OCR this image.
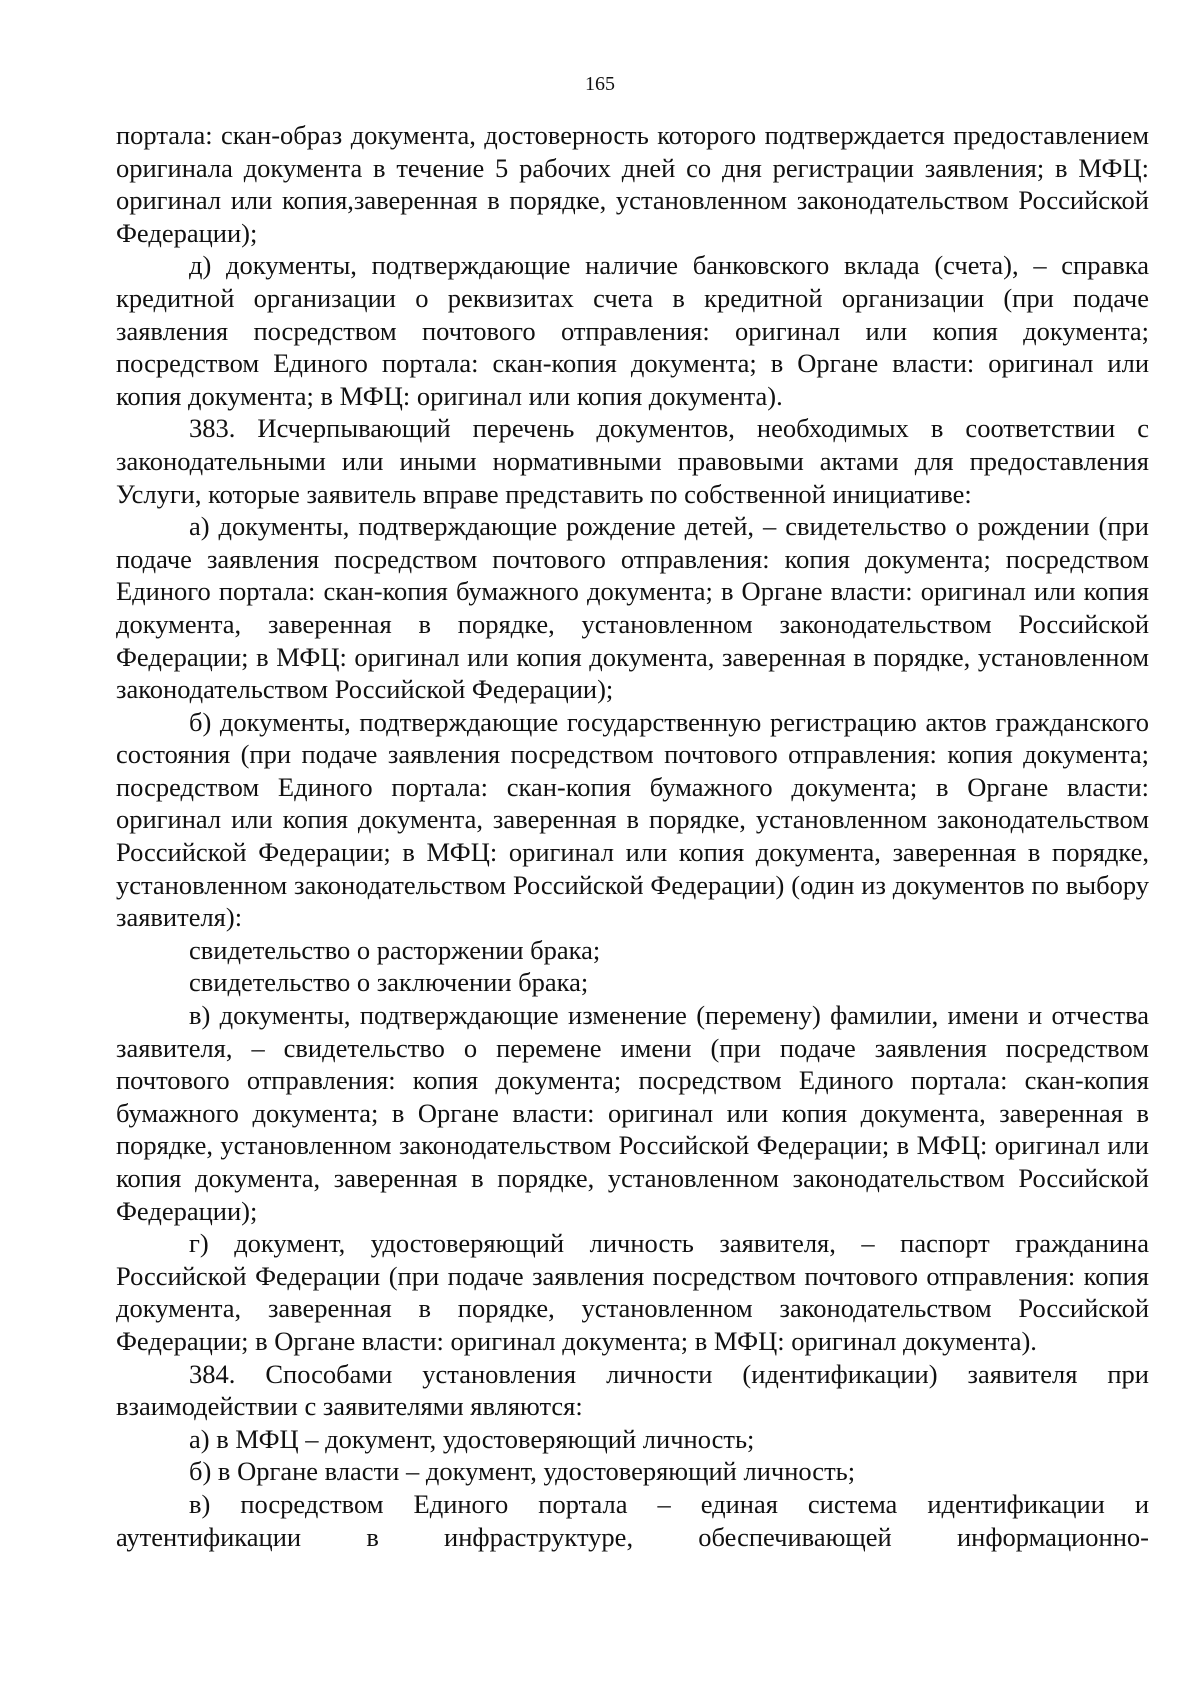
165

портала: скан-образ документа, достоверность которого подтверждается предоставлением оригинала документа в течение 5 рабочих дней со дня регистрации заявления; в МФЦ: оригинал или копия,заверенная в порядке, установленном законодательством Российской Федерации);

д) документы, подтверждающие наличие банковского вклада (счета), – справка кредитной организации о реквизитах счета в кредитной организации (при подаче заявления посредством почтового отправления: оригинал или копия документа; посредством Единого портала: скан-копия документа; в Органе власти: оригинал или копия документа; в МФЦ: оригинал или копия документа).

383. Исчерпывающий перечень документов, необходимых в соответствии с законодательными или иными нормативными правовыми актами для предоставления Услуги, которые заявитель вправе представить по собственной инициативе:

а) документы, подтверждающие рождение детей, – свидетельство о рождении (при подаче заявления посредством почтового отправления: копия документа; посредством Единого портала: скан-копия бумажного документа; в Органе власти: оригинал или копия документа, заверенная в порядке, установленном законодательством Российской Федерации; в МФЦ: оригинал или копия документа, заверенная в порядке, установленном законодательством Российской Федерации);

б) документы, подтверждающие государственную регистрацию актов гражданского состояния (при подаче заявления посредством почтового отправления: копия документа; посредством Единого портала: скан-копия бумажного документа; в Органе власти: оригинал или копия документа, заверенная в порядке, установленном законодательством Российской Федерации; в МФЦ: оригинал или копия документа, заверенная в порядке, установленном законодательством Российской Федерации) (один из документов по выбору заявителя):

свидетельство о расторжении брака;

свидетельство о заключении брака;

в) документы, подтверждающие изменение (перемену) фамилии, имени и отчества заявителя, – свидетельство о перемене имени (при подаче заявления посредством почтового отправления: копия документа; посредством Единого портала: скан-копия бумажного документа; в Органе власти: оригинал или копия документа, заверенная в порядке, установленном законодательством Российской Федерации; в МФЦ: оригинал или копия документа, заверенная в порядке, установленном законодательством Российской Федерации);

г) документ, удостоверяющий личность заявителя, – паспорт гражданина Российской Федерации (при подаче заявления посредством почтового отправления: копия документа, заверенная в порядке, установленном законодательством Российской Федерации; в Органе власти: оригинал документа; в МФЦ: оригинал документа).

384. Способами установления личности (идентификации) заявителя при взаимодействии с заявителями являются:

а) в МФЦ – документ, удостоверяющий личность;

б) в Органе власти – документ, удостоверяющий личность;

в) посредством Единого портала – единая система идентификации и аутентификации в инфраструктуре, обеспечивающей информационно-
